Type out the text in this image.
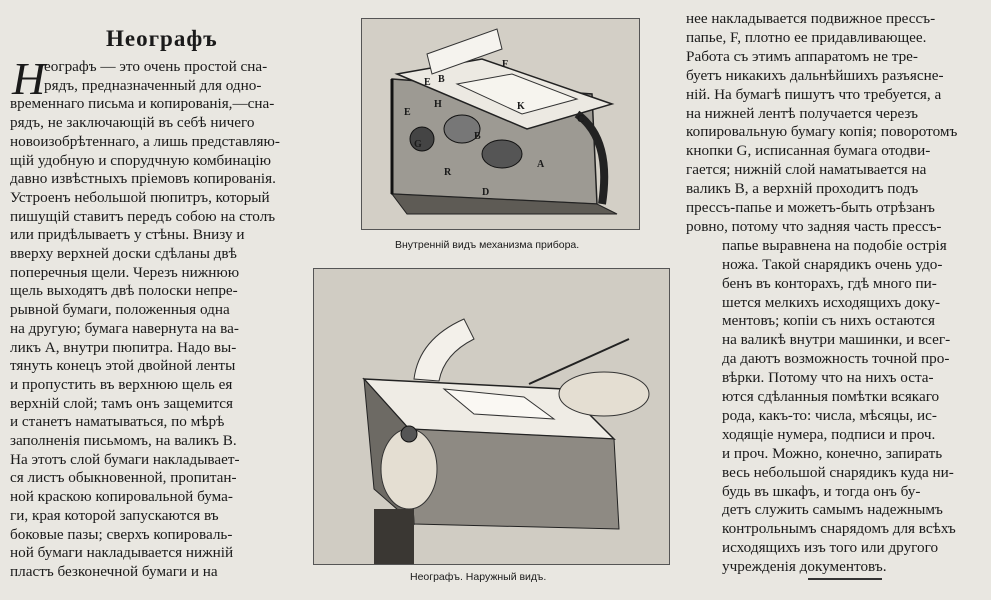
Неографъ
Н
еографъ — это очень простой сна-
рядъ, предназначенный для одно-
временнаго письма и копированія,—сна-
рядъ, не заключающій въ себѣ ничего
новоизобрѣтеннаго, а лишь представляю-
щій удобную и спорудчную комбинацію
давно извѣстныхъ пріемовъ копированія.
Устроенъ небольшой пюпитръ, который
пишущій ставитъ передъ собою на столъ
или придѣлываетъ у стѣны. Внизу и
вверху верхней доски сдѣланы двѣ
поперечныя щели. Черезъ нижнюю
щель выходятъ двѣ полоски непре-
рывной бумаги, положенныя одна
на другую; бумага навернута на ва-
ликъ A, внутри пюпитра. Надо вы-
тянуть конецъ этой двойной ленты
и пропустить въ верхнюю щель ея
верхній слой; тамъ онъ защемится
и станетъ наматываться, по мѣрѣ
заполненія письмомъ, на валикъ B.
На этотъ слой бумаги накладывает-
ся листъ обыкновенной, пропитан-
ной краскою копировальной бума-
ги, края которой запускаются въ
боковые пазы; сверхъ копироваль-
ной бумаги накладывается нижній
пластъ безконечной бумаги и на
F
E B
H	K
C
G
B
A
R
D
E
Внутренній видъ механизма прибора.
Неографъ. Наружный видъ.
нее накладывается подвижное прессъ-
папье, F, плотно ее придавливающее.
Работа съ этимъ аппаратомъ не тре-
буетъ никакихъ дальнѣйшихъ разъясне-
ній. На бумагѣ пишутъ что требуется, а
на нижней лентѣ получается черезъ
копировальную бумагу копія; поворотомъ
кнопки G, исписанная бумага отодви-
гается; нижній слой наматывается на
валикъ B, а верхній проходитъ подъ
прессъ-папье и можетъ-быть отрѣзанъ
ровно, потому что задняя часть прессъ-
папье выравнена на подобіе острія
ножа. Такой снарядикъ очень удо-
бенъ въ конторахъ, гдѣ много пи-
шется мелкихъ исходящихъ доку-
ментовъ; копіи съ нихъ остаются
на валикѣ внутри машинки, и всег-
да даютъ возможность точной про-
вѣрки. Потому что на нихъ оста-
ются сдѣланныя помѣтки всякаго
рода, какъ-то: числа, мѣсяцы, ис-
ходящіе нумера, подписи и проч.
и проч. Можно, конечно, запирать
весь небольшой снарядикъ куда ни-
будь въ шкафъ, и тогда онъ бу-
детъ служить самымъ надежнымъ
контрольнымъ снарядомъ для всѣхъ
исходящихъ изъ того или другого
учрежденія документовъ.
